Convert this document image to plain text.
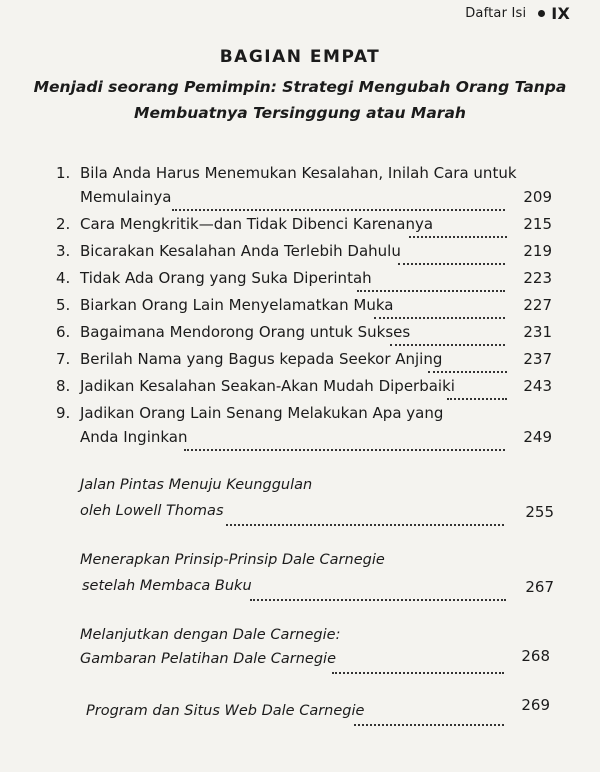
Daftar Isi IX
BAGIAN EMPAT
Menjadi seorang Pemimpin: Strategi Mengubah Orang Tanpa
Membuatnya Tersinggung atau Marah
1. Bila Anda Harus Menemukan Kesalahan, Inilah Cara untuk
Memulainya	209
2. Cara Mengkritik—dan Tidak Dibenci Karenanya	215
3. Bicarakan Kesalahan Anda Terlebih Dahulu	219
4. Tidak Ada Orang yang Suka Diperintah	223
5. Biarkan Orang Lain Menyelamatkan Muka	227
6. Bagaimana Mendorong Orang untuk Sukses	231
7. Berilah Nama yang Bagus kepada Seekor Anjing	237
8. Jadikan Kesalahan Seakan-Akan Mudah Diperbaiki	243
9. Jadikan Orang Lain Senang Melakukan Apa yang
Anda Inginkan	249
Jalan Pintas Menuju Keunggulan
oleh Lowell Thomas	255
Menerapkan Prinsip-Prinsip Dale Carnegie
setelah Membaca Buku	267
Melanjutkan dengan Dale Carnegie:
Gambaran Pelatihan Dale Carnegie	268
Program dan Situs Web Dale Carnegie	269
